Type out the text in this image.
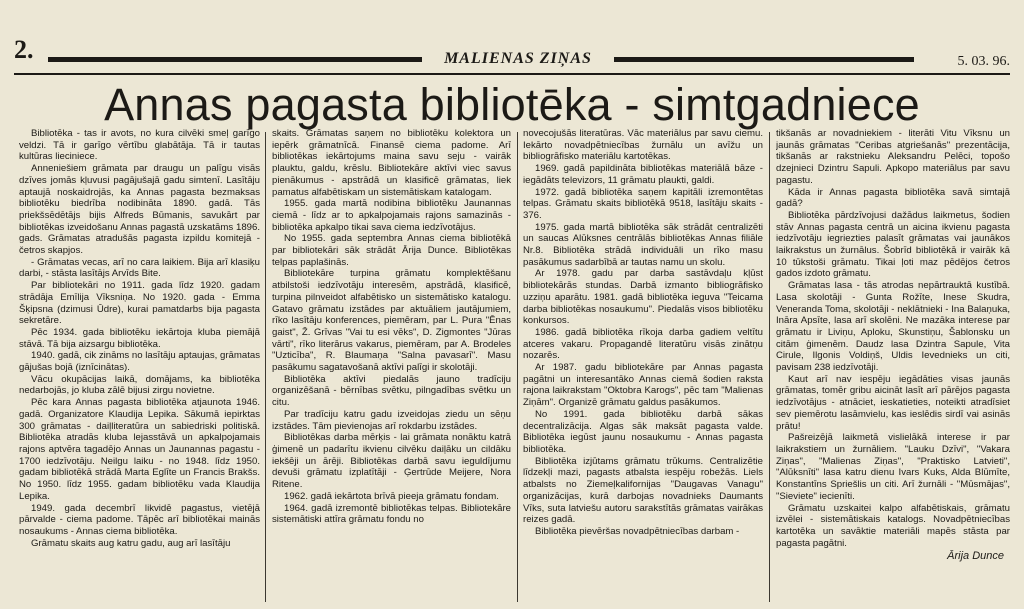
2.	MALIENAS ZIŅAS	5. 03. 96.
Annas pagasta bibliotēka - simtgadniece

Bibliotēka - tas ir avots, no kura cilvēki smeļ garīgo veldzi. Tā ir garīgo vērtību glabātāja. Tā ir tautas kultūras lieciniece.

Anneniešiem grāmata par draugu un palīgu visās dzīves jomās kļuvusi pagājušajā gadu simtenī. Lasītāju aptaujā noskaidrojās, ka Annas pagasta bezmaksas bibliotēku biedrība nodibināta 1890. gadā. Tās priekšsēdētājs bijis Alfreds Būmanis, savukārt par bibliotēkas izveidošanu Annas pagastā uzskatāms 1896. gads. Grāmatas atradušās pagasta izpildu komitejā - četros skapjos.

- Grāmatas vecas, arī no cara laikiem. Bija arī klasiķu darbi, - stāsta lasītājs Arvīds Bite.

Par bibliotekāri no 1911. gada līdz 1920. gadam strādāja Emīlija Vīksniņa. No 1920. gada - Emma Šķipsna (dzimusi Ūdre), kurai pamatdarbs bija pagasta sekretāre.

Pēc 1934. gada bibliotēku iekārtoja kluba piemājā stāvā. Tā bija aizsargu bibliotēka.

1940. gadā, cik zināms no lasītāju aptaujas, grāmatas gājušas bojā (iznīcinātas).

Vācu okupācijas laikā, domājams, ka bibliotēka nedarbojās, jo kluba zālē bijusi zirgu novietne.

Pēc kara Annas pagasta bibliotēka atjaunota 1946. gadā. Organizatore Klaudija Lepika. Sākumā iepirktas 300 grāmatas - daiļliteratūra un sabiedriski politiskā. Bibliotēka atradās kluba lejasstāvā un apkalpojamais rajons aptvēra tagadējo Annas un Jaunannas pagastu - 1700 iedzīvotāju. Neilgu laiku - no 1948. līdz 1950. gadam bibliotēkā strādā Marta Eglīte un Francis Brakšs. No 1950. līdz 1955. gadam bibliotēku vada Klaudija Lepika.

1949. gada decembrī likvidē pagastus, vietējā pārvalde - ciema padome. Tāpēc arī bibliotēkai mainās nosaukums - Annas ciema bibliotēka.

Grāmatu skaits aug katru gadu, aug arī lasītāju

skaits. Grāmatas saņem no bibliotēku kolektora un iepērk grāmatnīcā. Finansē ciema padome. Arī bibliotēkas iekārtojums maina savu seju - vairāk plauktu, galdu, krēslu. Bibliotekāre aktīvi viec savus pienākumus - apstrādā un klasificē grāmatas, liek pamatus alfabētiskam un sistemātiskam katalogam.

1955. gada martā nodibina bibliotēku Jaunannas ciemā - līdz ar to apkalpojamais rajons samazinās - bibliotēka apkalpo tikai sava ciema iedzīvotājus.

No 1955. gada septembra Annas ciema bibliotēkā par bibliotekāri sāk strādāt Ārija Dunce. Bibliotēkas telpas paplašinās.

Bibliotekāre turpina grāmatu komplektēšanu atbilstoši iedzīvotāju interesēm, apstrādā, klasificē, turpina pilnveidot alfabētisko un sistemātisko katalogu. Gatavo grāmatu izstādes par aktuāliem jautājumiem, rīko lasītāju konferences, piemēram, par L. Pura "Ēnas gaist", Ž. Grīvas "Vai tu esi vēks", D. Zigmontes "Jūras vārti", rīko literārus vakarus, piemēram, par A. Brodeles "Uzticība", R. Blaumaņa "Salna pavasarī". Masu pasākumu sagatavošanā aktīvi palīgi ir skolotāji.

Bibliotēka aktīvi piedalās jauno tradīciju organizēšanā - bērnības svētku, pilngadības svētku un citu.

Par tradīciju katru gadu izveidojas ziedu un sēņu izstādes. Tām pievienojas arī rokdarbu izstādes.

Bibliotēkas darba mērķis - lai grāmata nonāktu katrā ģimenē un padarītu ikvienu cilvēku daiļāku un cildāku iekšēji un ārēji. Bibliotēkas darbā savu ieguldījumu devuši grāmatu izplatītāji - Ģertrūde Meijere, Nora Ritene.

1962. gadā iekārtota brīvā pieeja grāmatu fondam.

1964. gadā izremontē bibliotēkas telpas. Bibliotekāre sistemātiski attīra grāmatu fondu no

novecojušās literatūras. Vāc materiālus par savu ciemu. Iekārto novadpētniecības žurnālu un avīžu un bibliogrāfisko materiālu kartotēkas.

1969. gadā papildināta bibliotēkas materiālā bāze - iegādāts televizors, 11 grāmatu plaukti, galdi.

1972. gadā bibliotēka saņem kapitāli izremontētas telpas. Grāmatu skaits bibliotēkā 9518, lasītāju skaits - 376.

1975. gada martā bibliotēka sāk strādāt centralizēti un saucas Alūksnes centrālās bibliotēkas Annas filiāle Nr.8. Bibliotēka strādā individuāli un rīko masu pasākumus sadarbībā ar tautas namu un skolu.

Ar 1978. gadu par darba sastāvdaļu kļūst bibliotekārās stundas. Darbā izmanto bibliogrāfisko uzziņu aparātu. 1981. gadā bibliotēka ieguva "Teicama darba bibliotēkas nosaukumu". Piedalās visos bibliotēku konkursos.

1986. gadā bibliotēka rīkoja darba gadiem veltītu atceres vakaru. Propagandē literatūru visās zinātņu nozarēs.

Ar 1987. gadu bibliotekāre par Annas pagasta pagātni un interesantāko Annas ciemā šodien raksta rajona laikrakstam "Oktobra Karogs", pēc tam "Malienas Ziņām". Organizē grāmatu galdus pasākumos.

No 1991. gada bibliotēku darbā sākas decentralizācija. Algas sāk maksāt pagasta valde. Bibliotēka iegūst jaunu nosaukumu - Annas pagasta bibliotēka.

Bibliotēka izjūtams grāmatu trūkums. Centralizētie līdzekļi mazi, pagasts atbalsta iespēju robežās. Liels atbalsts no Ziemeļkalifornijas "Daugavas Vanagu" organizācijas, kurā darbojas novadnieks Daumants Vīks, suta latviešu autoru sarakstītās grāmatas vairākas reizes gadā.

Bibliotēka pievēršas novadpētniecības darbam -

tikšanās ar novadniekiem - literāti Vitu Vīksnu un jaunās grāmatas "Ceribas atgriešanās" prezentācija, tikšanās ar rakstnieku Aleksandru Pelēci, topošo dzejnieci Dzintru Sapuli. Apkopo materiālus par savu pagastu.

Kāda ir Annas pagasta bibliotēka savā simtajā gadā?

Bibliotēka pārdzīvojusi dažādus laikmetus, šodien stāv Annas pagasta centrā un aicina ikvienu pagasta iedzīvotāju iegriezties palasīt grāmatas vai jaunākos laikrakstus un žurnālus. Šobrīd bibliotēkā ir vairāk kā 10 tūkstoši grāmatu. Tikai ļoti maz pēdējos četros gados izdoto grāmatu.

Grāmatas lasa - tās atrodas nepārtrauktā kustībā. Lasa skolotāji - Gunta Rožīte, Inese Skudra, Veneranda Toma, skolotāji - neklātnieki - Ina Balaņuka, Ināra Apsīte, lasa arī skolēni. Ne mazāka interese par grāmatu ir Liviņu, Aploku, Skunstiņu, Šablonsku un citām ģimenēm. Daudz lasa Dzintra Sapule, Vita Cirule, Ilgonis Voldiņš, Uldis Ievednieks un citi, pavisam 238 iedzīvotāji.

Kaut arī nav iespēju iegādāties visas jaunās grāmatas, tomēr gribu aicināt lasīt arī pārējos pagasta iedzīvotājus - atnāciet, ieskatieties, noteikti atradīsiet sev piemērotu lasāmvielu, kas ieslēdis sirdī vai asinās prātu!

Pašreizējā laikmetā vislielākā interese ir par laikrakstiem un žurnāliem. "Lauku Dzīvi", "Vakara Ziņas", "Malienas Ziņas", "Praktisko Latvieti", "Alūksnīti" lasa katru dienu Ivars Kuks, Alda Blūmīte, Konstantīns Spriešlis un citi. Arī žurnāli - "Mūsmājas", "Sieviete" iecienīti.

Grāmatu uzskaitei kalpo alfabētiskais, grāmatu izvēlei - sistemātiskais katalogs. Novadpētniecības kartotēka un savāktie materiāli mapēs stāsta par pagasta pagātni.

Ārija Dunce
